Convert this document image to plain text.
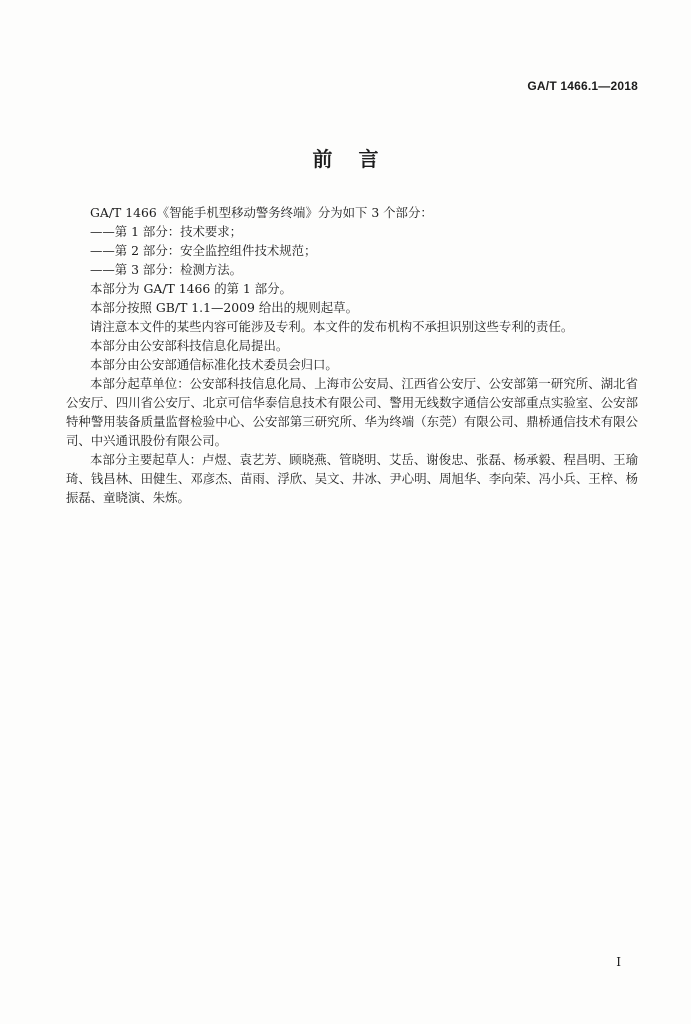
GA/T 1466.1—2018
前言

GA/T 1466《智能手机型移动警务终端》分为如下 3 个部分：

——第 1 部分：技术要求；

——第 2 部分：安全监控组件技术规范；

——第 3 部分：检测方法。

本部分为 GA/T 1466 的第 1 部分。

本部分按照 GB/T 1.1—2009 给出的规则起草。

请注意本文件的某些内容可能涉及专利。本文件的发布机构不承担识别这些专利的责任。

本部分由公安部科技信息化局提出。

本部分由公安部通信标准化技术委员会归口。

本部分起草单位：公安部科技信息化局、上海市公安局、江西省公安厅、公安部第一研究所、湖北省公安厅、四川省公安厅、北京可信华泰信息技术有限公司、警用无线数字通信公安部重点实验室、公安部特种警用装备质量监督检验中心、公安部第三研究所、华为终端（东莞）有限公司、鼎桥通信技术有限公司、中兴通讯股份有限公司。

本部分主要起草人：卢煜、袁艺芳、顾晓燕、管晓明、艾岳、谢俊忠、张磊、杨承毅、程昌明、王瑜琦、钱昌林、田健生、邓彦杰、苗雨、浮欣、吴文、井冰、尹心明、周旭华、李向荣、冯小兵、王梓、杨振磊、童晓演、朱炼。

I
